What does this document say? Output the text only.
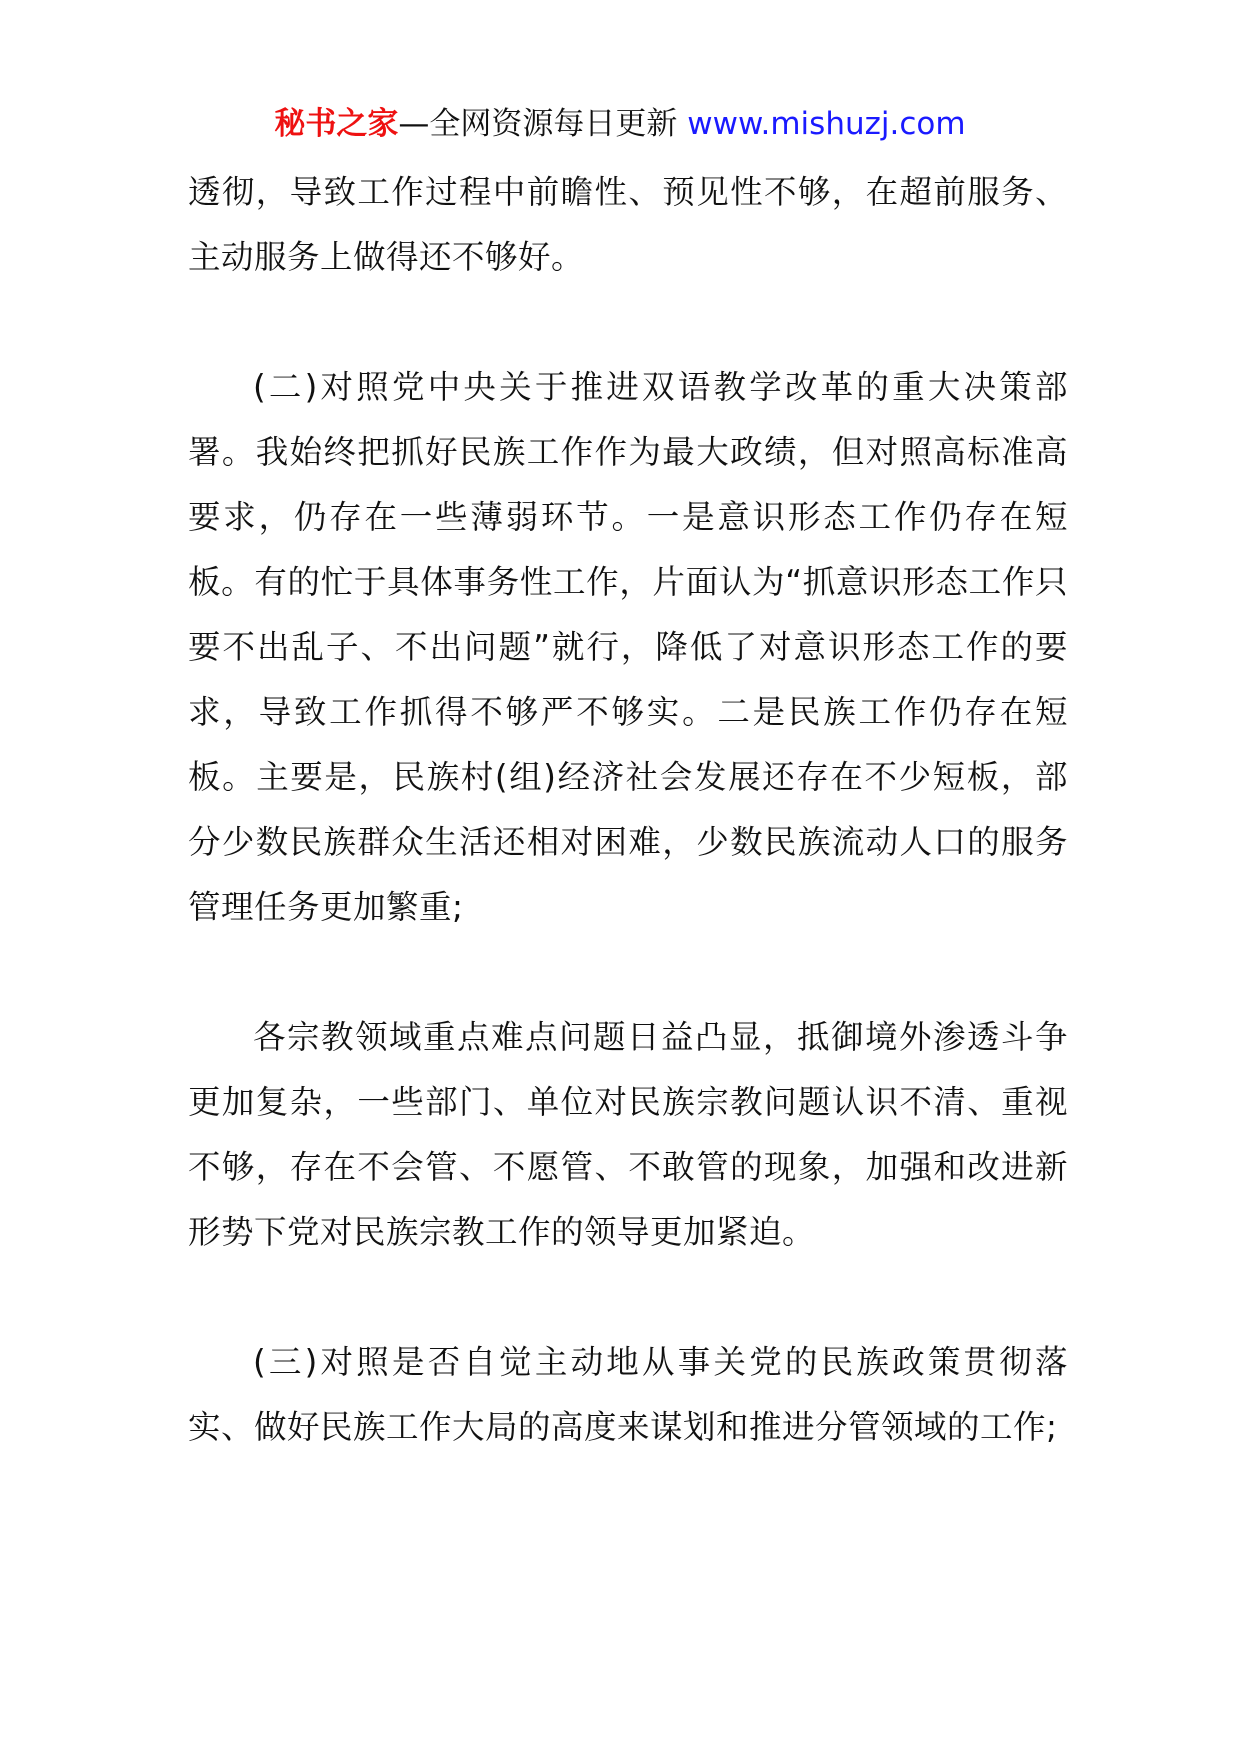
秘书之家—全网资源每日更新 www.mishuzj.com

透彻，导致工作过程中前瞻性、预见性不够，在超前服务、主动服务上做得还不够好。

(二)对照党中央关于推进双语教学改革的重大决策部署。我始终把抓好民族工作作为最大政绩，但对照高标准高要求，仍存在一些薄弱环节。一是意识形态工作仍存在短板。有的忙于具体事务性工作，片面认为“抓意识形态工作只要不出乱子、不出问题”就行，降低了对意识形态工作的要求，导致工作抓得不够严不够实。二是民族工作仍存在短板。主要是，民族村(组)经济社会发展还存在不少短板，部分少数民族群众生活还相对困难，少数民族流动人口的服务管理任务更加繁重;

各宗教领域重点难点问题日益凸显，抵御境外渗透斗争更加复杂，一些部门、单位对民族宗教问题认识不清、重视不够，存在不会管、不愿管、不敢管的现象，加强和改进新形势下党对民族宗教工作的领导更加紧迫。

(三)对照是否自觉主动地从事关党的民族政策贯彻落实、做好民族工作大局的高度来谋划和推进分管领域的工作;
